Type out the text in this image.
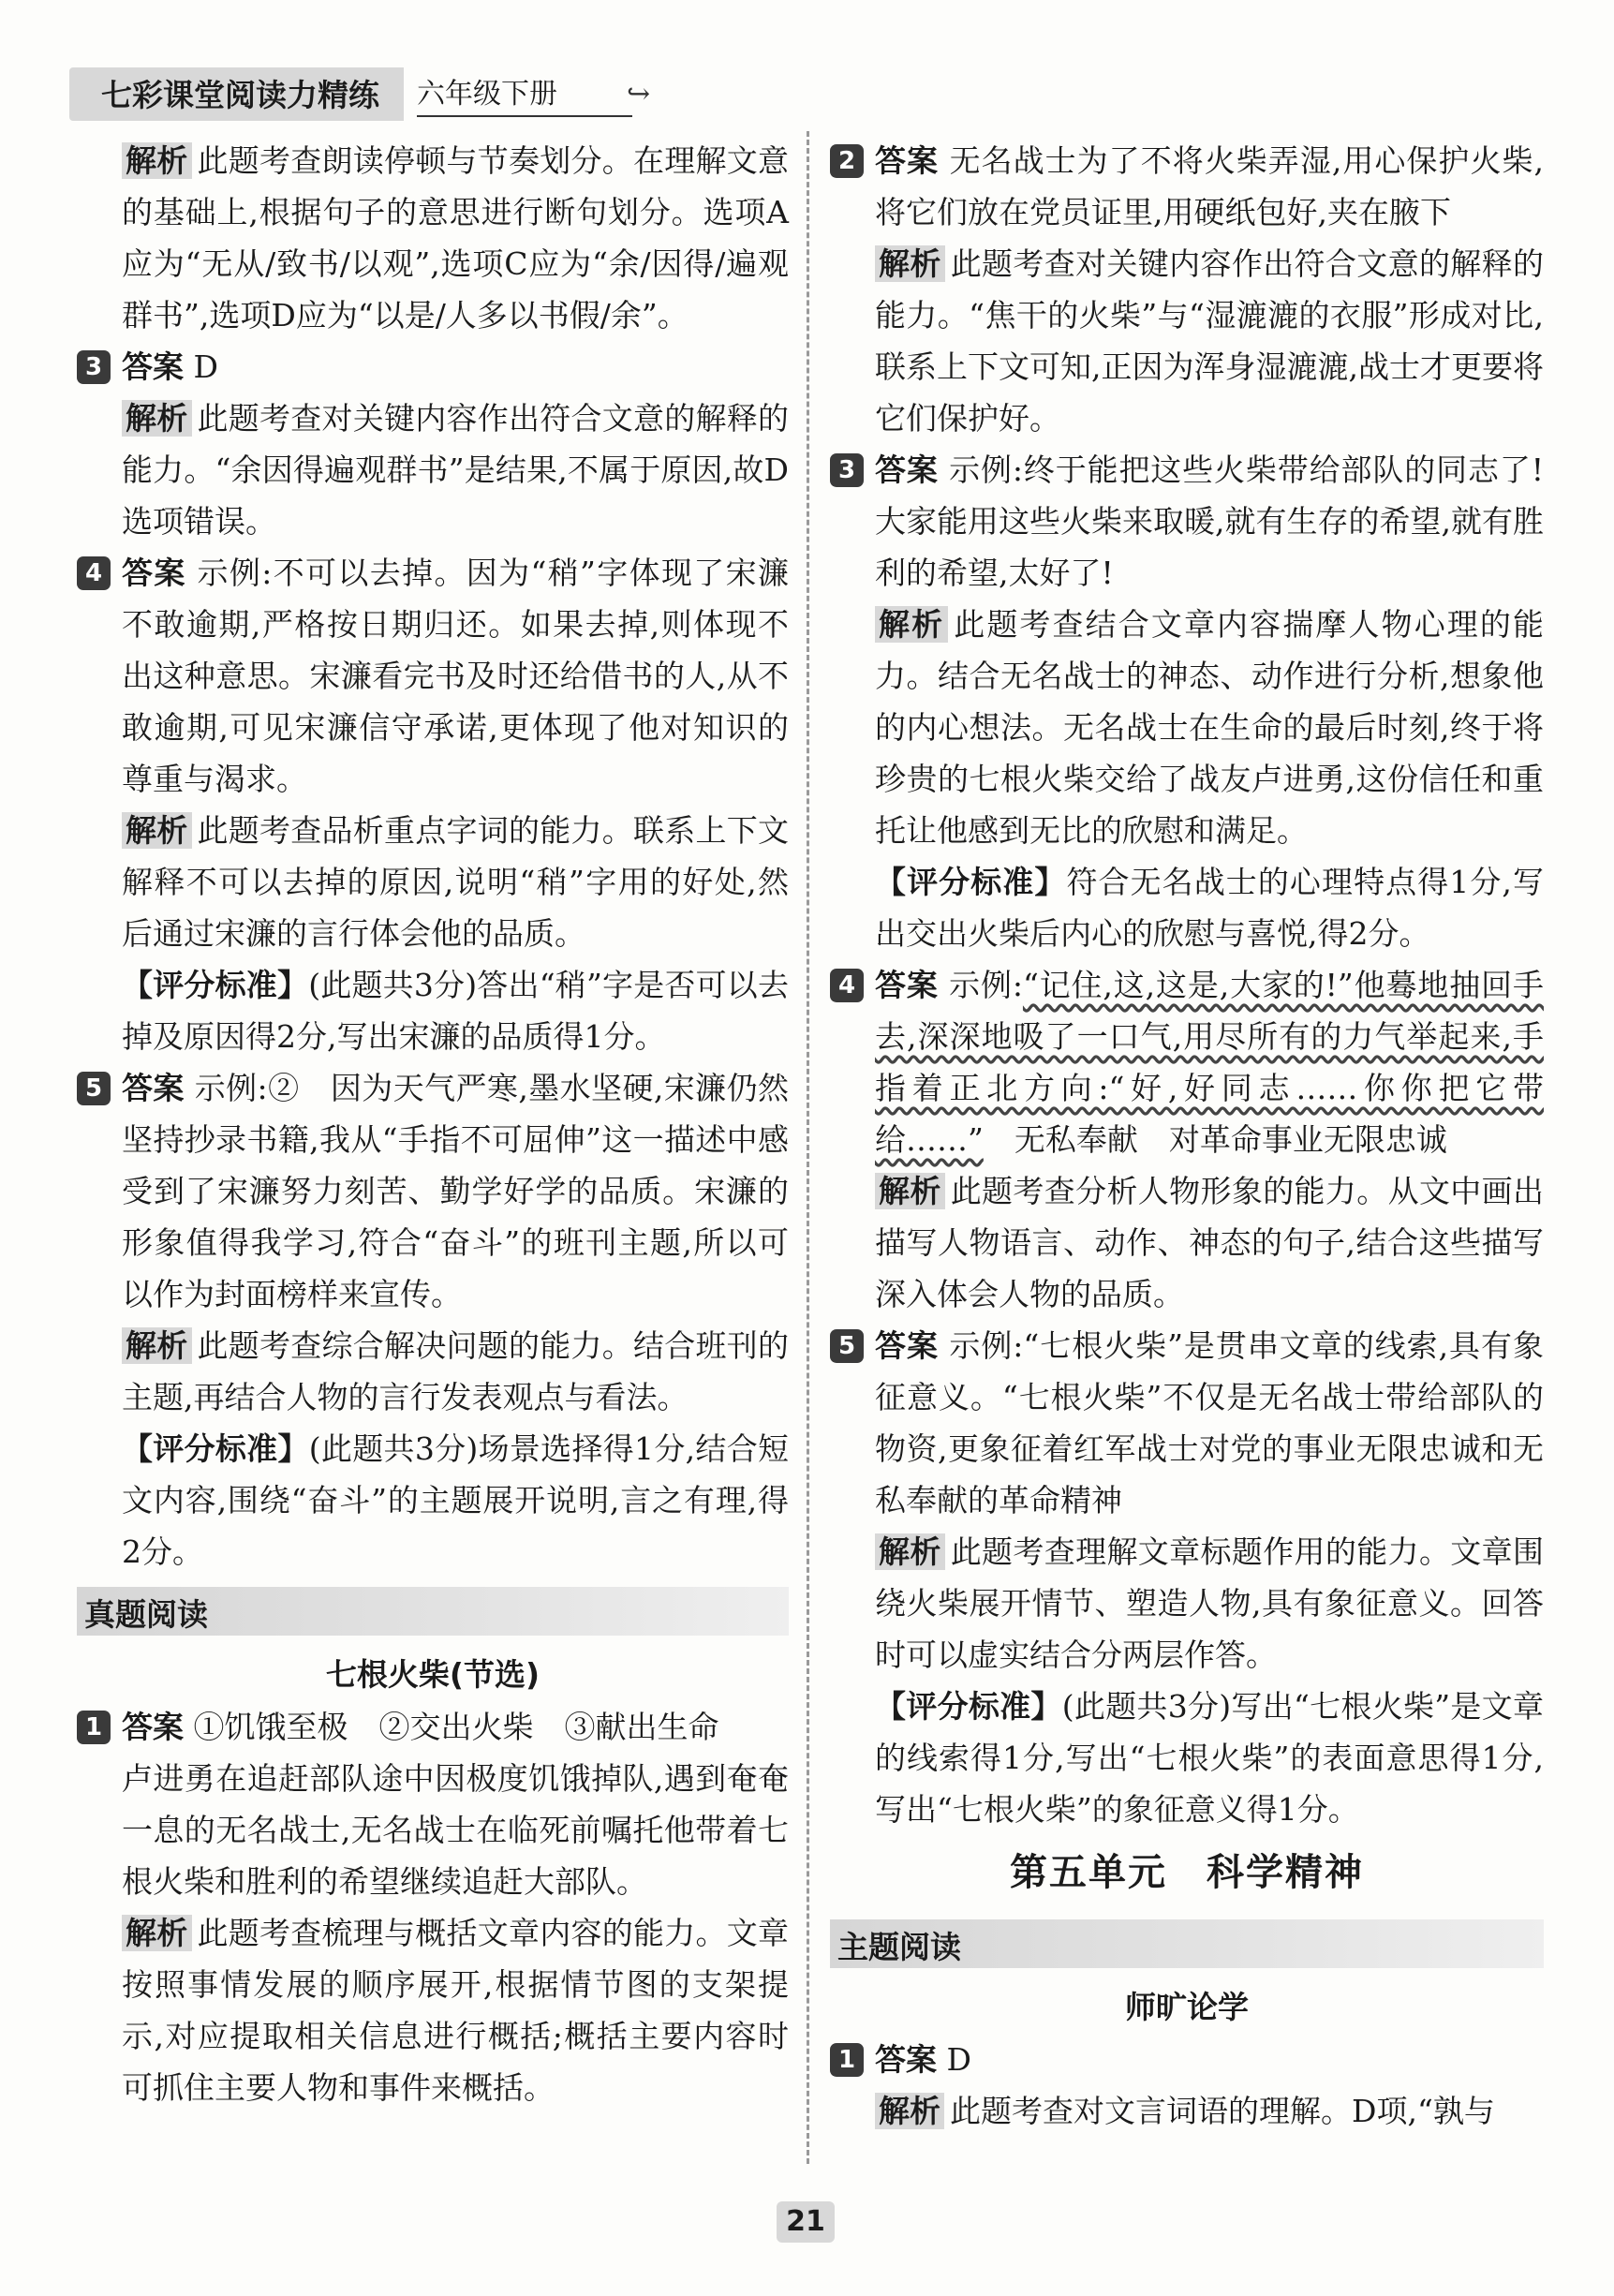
七彩课堂阅读力精练	六年级下册	↪

解析 此题考查朗读停顿与节奏划分。在理解文意的基础上,根据句子的意思进行断句划分。选项A应为“无从/致书/以观”,选项C应为“余/因得/遍观群书”,选项D应为“以是/人多以书假/余”。

3 答案 D

解析 此题考查对关键内容作出符合文意的解释的能力。“余因得遍观群书”是结果,不属于原因,故D选项错误。

4 答案 示例:不可以去掉。因为“稍”字体现了宋濂不敢逾期,严格按日期归还。如果去掉,则体现不出这种意思。宋濂看完书及时还给借书的人,从不敢逾期,可见宋濂信守承诺,更体现了他对知识的尊重与渴求。

解析 此题考查品析重点字词的能力。联系上下文解释不可以去掉的原因,说明“稍”字用的好处,然后通过宋濂的言行体会他的品质。

【评分标准】(此题共3分)答出“稍”字是否可以去掉及原因得2分,写出宋濂的品质得1分。

5 答案 示例:②　因为天气严寒,墨水坚硬,宋濂仍然坚持抄录书籍,我从“手指不可屈伸”这一描述中感受到了宋濂努力刻苦、勤学好学的品质。宋濂的形象值得我学习,符合“奋斗”的班刊主题,所以可以作为封面榜样来宣传。

解析 此题考查综合解决问题的能力。结合班刊的主题,再结合人物的言行发表观点与看法。

【评分标准】(此题共3分)场景选择得1分,结合短文内容,围绕“奋斗”的主题展开说明,言之有理,得2分。

真题阅读
七根火柴(节选)

1 答案 ①饥饿至极　②交出火柴　③献出生命

卢进勇在追赶部队途中因极度饥饿掉队,遇到奄奄一息的无名战士,无名战士在临死前嘱托他带着七根火柴和胜利的希望继续追赶大部队。

解析 此题考查梳理与概括文章内容的能力。文章按照事情发展的顺序展开,根据情节图的支架提示,对应提取相关信息进行概括;概括主要内容时可抓住主要人物和事件来概括。

2 答案 无名战士为了不将火柴弄湿,用心保护火柴,将它们放在党员证里,用硬纸包好,夹在腋下

解析 此题考查对关键内容作出符合文意的解释的能力。“焦干的火柴”与“湿漉漉的衣服”形成对比,联系上下文可知,正因为浑身湿漉漉,战士才更要将它们保护好。

3 答案 示例:终于能把这些火柴带给部队的同志了!大家能用这些火柴来取暖,就有生存的希望,就有胜利的希望,太好了!

解析 此题考查结合文章内容揣摩人物心理的能力。结合无名战士的神态、动作进行分析,想象他的内心想法。无名战士在生命的最后时刻,终于将珍贵的七根火柴交给了战友卢进勇,这份信任和重托让他感到无比的欣慰和满足。

【评分标准】符合无名战士的心理特点得1分,写出交出火柴后内心的欣慰与喜悦,得2分。

4 答案 示例:“记住,这,这是,大家的!”他蓦地抽回手去,深深地吸了一口气,用尽所有的力气举起来,手指着正北方向:“好,好同志……你你把它带给……”　无私奉献　对革命事业无限忠诚

解析 此题考查分析人物形象的能力。从文中画出描写人物语言、动作、神态的句子,结合这些描写深入体会人物的品质。

5 答案 示例:“七根火柴”是贯串文章的线索,具有象征意义。“七根火柴”不仅是无名战士带给部队的物资,更象征着红军战士对党的事业无限忠诚和无私奉献的革命精神

解析 此题考查理解文章标题作用的能力。文章围绕火柴展开情节、塑造人物,具有象征意义。回答时可以虚实结合分两层作答。

【评分标准】(此题共3分)写出“七根火柴”是文章的线索得1分,写出“七根火柴”的表面意思得1分,写出“七根火柴”的象征意义得1分。

第五单元　科学精神
主题阅读
师旷论学

1 答案 D

解析 此题考查对文言词语的理解。D项,“孰与

21
